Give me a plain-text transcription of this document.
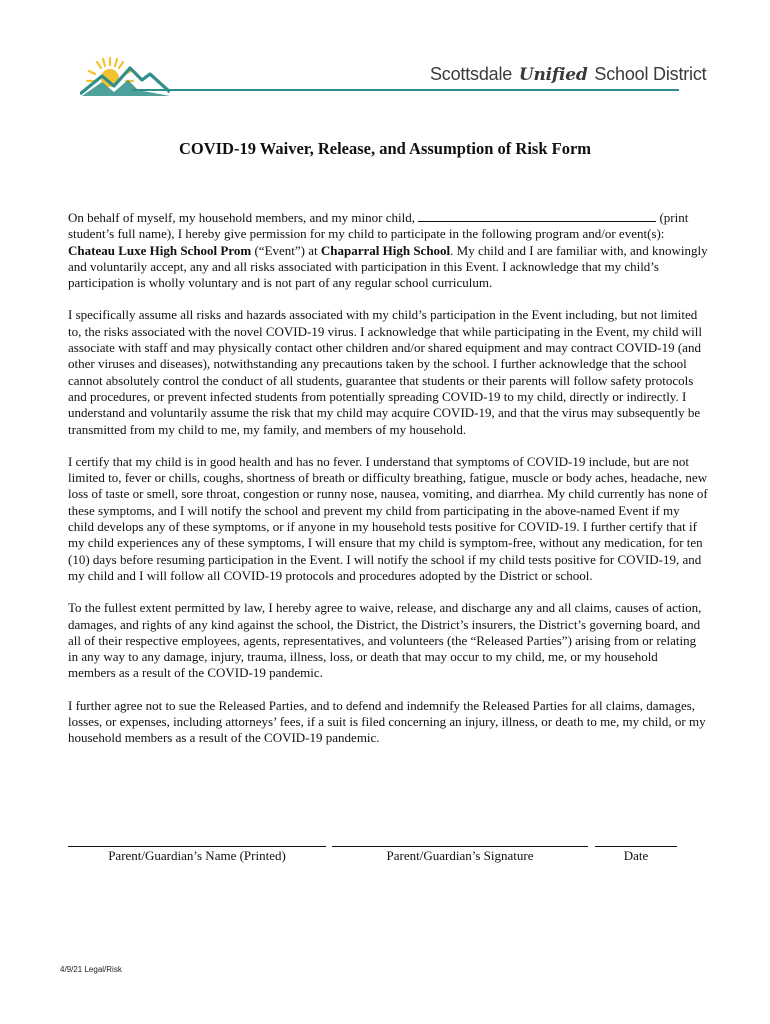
Scottsdale Unified School District
COVID-19 Waiver, Release, and Assumption of Risk Form

On behalf of myself, my household members, and my minor child,	(print student’s full name), I hereby give permission for my child to participate in the following program and/or event(s): Chateau Luxe High School Prom (“Event”) at Chaparral High School. My child and I are familiar with, and knowingly and voluntarily accept, any and all risks associated with participation in this Event. I acknowledge that my child’s participation is wholly voluntary and is not part of any regular school curriculum.

I specifically assume all risks and hazards associated with my child’s participation in the Event including, but not limited to, the risks associated with the novel COVID-19 virus. I acknowledge that while participating in the Event, my child will associate with staff and may physically contact other children and/or shared equipment and may contract COVID-19 (and other viruses and diseases), notwithstanding any precautions taken by the school. I further acknowledge that the school cannot absolutely control the conduct of all students, guarantee that students or their parents will follow safety protocols and procedures, or prevent infected students from potentially spreading COVID-19 to my child, directly or indirectly. I understand and voluntarily assume the risk that my child may acquire COVID-19, and that the virus may subsequently be transmitted from my child to me, my family, and members of my household.

I certify that my child is in good health and has no fever. I understand that symptoms of COVID-19 include, but are not limited to, fever or chills, coughs, shortness of breath or difficulty breathing, fatigue, muscle or body aches, headache, new loss of taste or smell, sore throat, congestion or runny nose, nausea, vomiting, and diarrhea. My child currently has none of these symptoms, and I will notify the school and prevent my child from participating in the above-named Event if my child develops any of these symptoms, or if anyone in my household tests positive for COVID-19. I further certify that if my child experiences any of these symptoms, I will ensure that my child is symptom-free, without any medication, for ten (10) days before resuming participation in the Event. I will notify the school if my child tests positive for COVID-19, and my child and I will follow all COVID-19 protocols and procedures adopted by the District or school.

To the fullest extent permitted by law, I hereby agree to waive, release, and discharge any and all claims, causes of action, damages, and rights of any kind against the school, the District, the District’s insurers, the District’s governing board, and all of their respective employees, agents, representatives, and volunteers (the “Released Parties”) arising from or relating in any way to any damage, injury, trauma, illness, loss, or death that may occur to my child, me, or my household members as a result of the COVID-19 pandemic.

I further agree not to sue the Released Parties, and to defend and indemnify the Released Parties for all claims, damages, losses, or expenses, including attorneys’ fees, if a suit is filed concerning an injury, illness, or death to me, my child, or my household members as a result of the COVID-19 pandemic.

Parent/Guardian’s Name (Printed)	Parent/Guardian’s Signature	Date
4/9/21 Legal/Risk
